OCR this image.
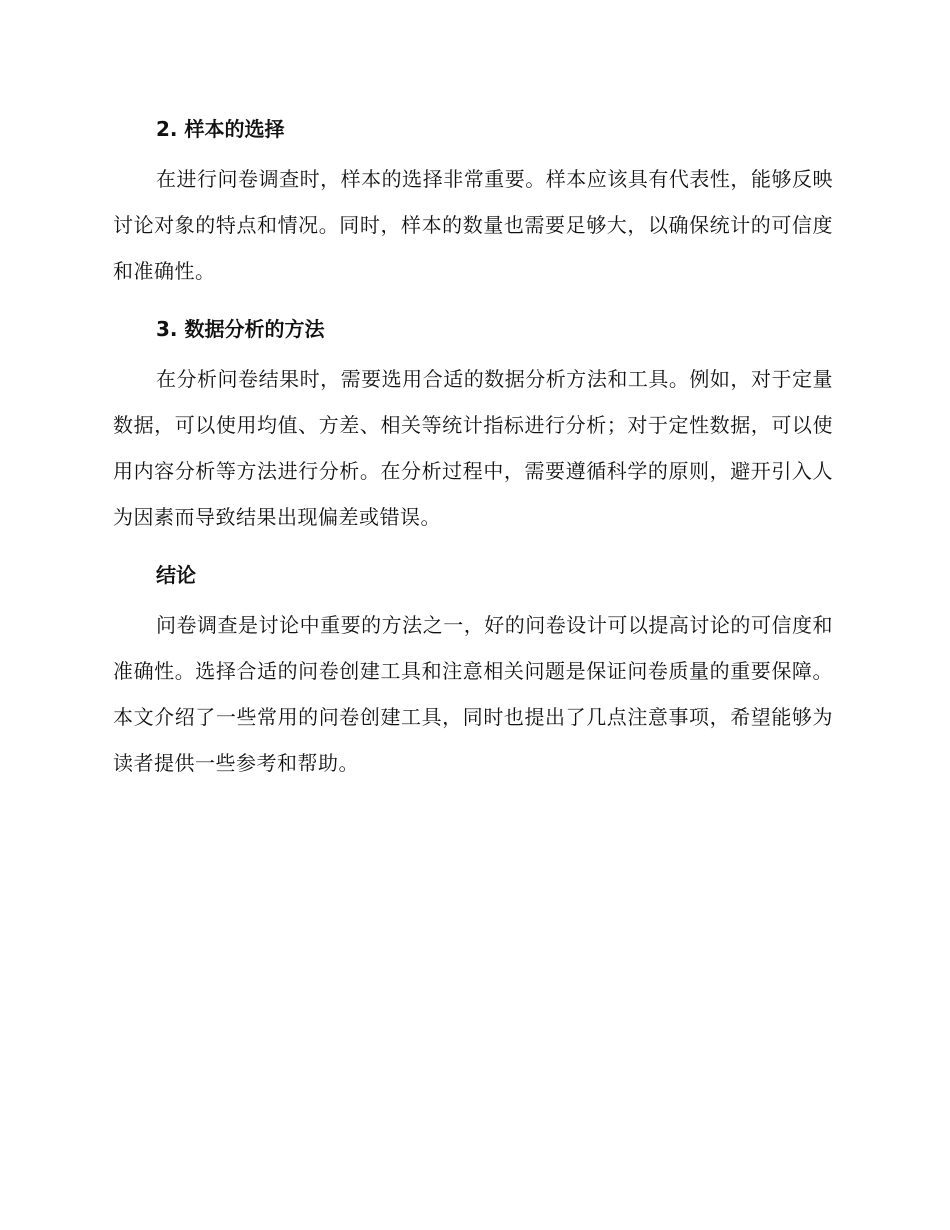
2. 样本的选择

在进行问卷调查时，样本的选择非常重要。样本应该具有代表性，能够反映讨论对象的特点和情况。同时，样本的数量也需要足够大，以确保统计的可信度和准确性。

3. 数据分析的方法

在分析问卷结果时，需要选用合适的数据分析方法和工具。例如，对于定量数据，可以使用均值、方差、相关等统计指标进行分析；对于定性数据，可以使用内容分析等方法进行分析。在分析过程中，需要遵循科学的原则，避开引入人为因素而导致结果出现偏差或错误。

结论

问卷调查是讨论中重要的方法之一，好的问卷设计可以提高讨论的可信度和准确性。选择合适的问卷创建工具和注意相关问题是保证问卷质量的重要保障。本文介绍了一些常用的问卷创建工具，同时也提出了几点注意事项，希望能够为读者提供一些参考和帮助。
